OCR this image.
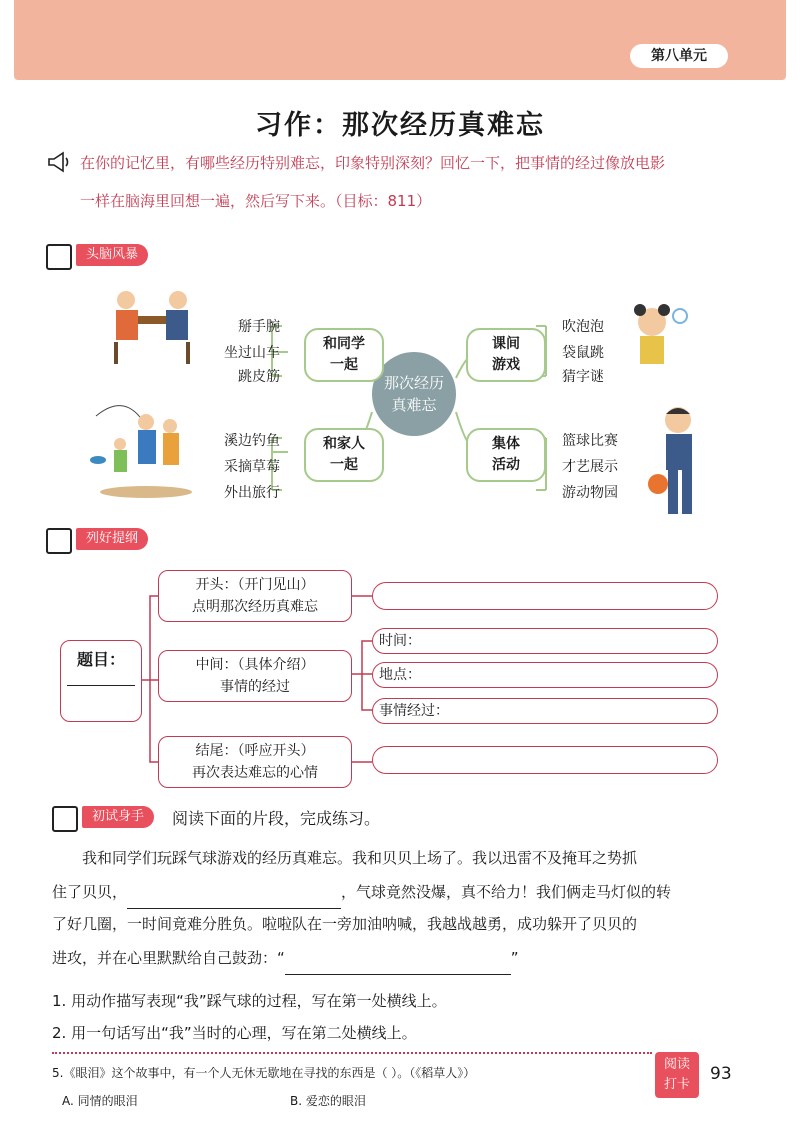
第八单元
习作：那次经历真难忘
在你的记忆里，有哪些经历特别难忘，印象特别深刻？回忆一下，把事情的经过像放电影
一样在脑海里回想一遍，然后写下来。（目标：811）
头脑风暴
那次经历
真难忘
和同学
一起
和家人
一起
课间
游戏
集体
活动
掰手腕
坐过山车
跳皮筋
溪边钓鱼
采摘草莓
外出旅行
吹泡泡
袋鼠跳
猜字谜
篮球比赛
才艺展示
游动物园
列好提纲
题目：
开头：（开门见山）
点明那次经历真难忘
中间：（具体介绍）
事情的经过
结尾：（呼应开头）
再次表达难忘的心情
时间：
地点：
事情经过：
初试身手	阅读下面的片段，完成练习。
我和同学们玩踩气球游戏的经历真难忘。我和贝贝上场了。我以迅雷不及掩耳之势抓
住了贝贝，	，气球竟然没爆，真不给力！我们俩走马灯似的转
了好几圈，一时间竟难分胜负。啦啦队在一旁加油呐喊，我越战越勇，成功躲开了贝贝的
进攻，并在心里默默给自己鼓劲：“	”
1. 用动作描写表现“我”踩气球的过程，写在第一处横线上。
2. 用一句话写出“我”当时的心理，写在第二处横线上。
5.《眼泪》这个故事中，有一个人无休无歇地在寻找的东西是（ ）。（《稻草人》）
A. 同情的眼泪	B. 爱恋的眼泪
阅读
打卡
93
